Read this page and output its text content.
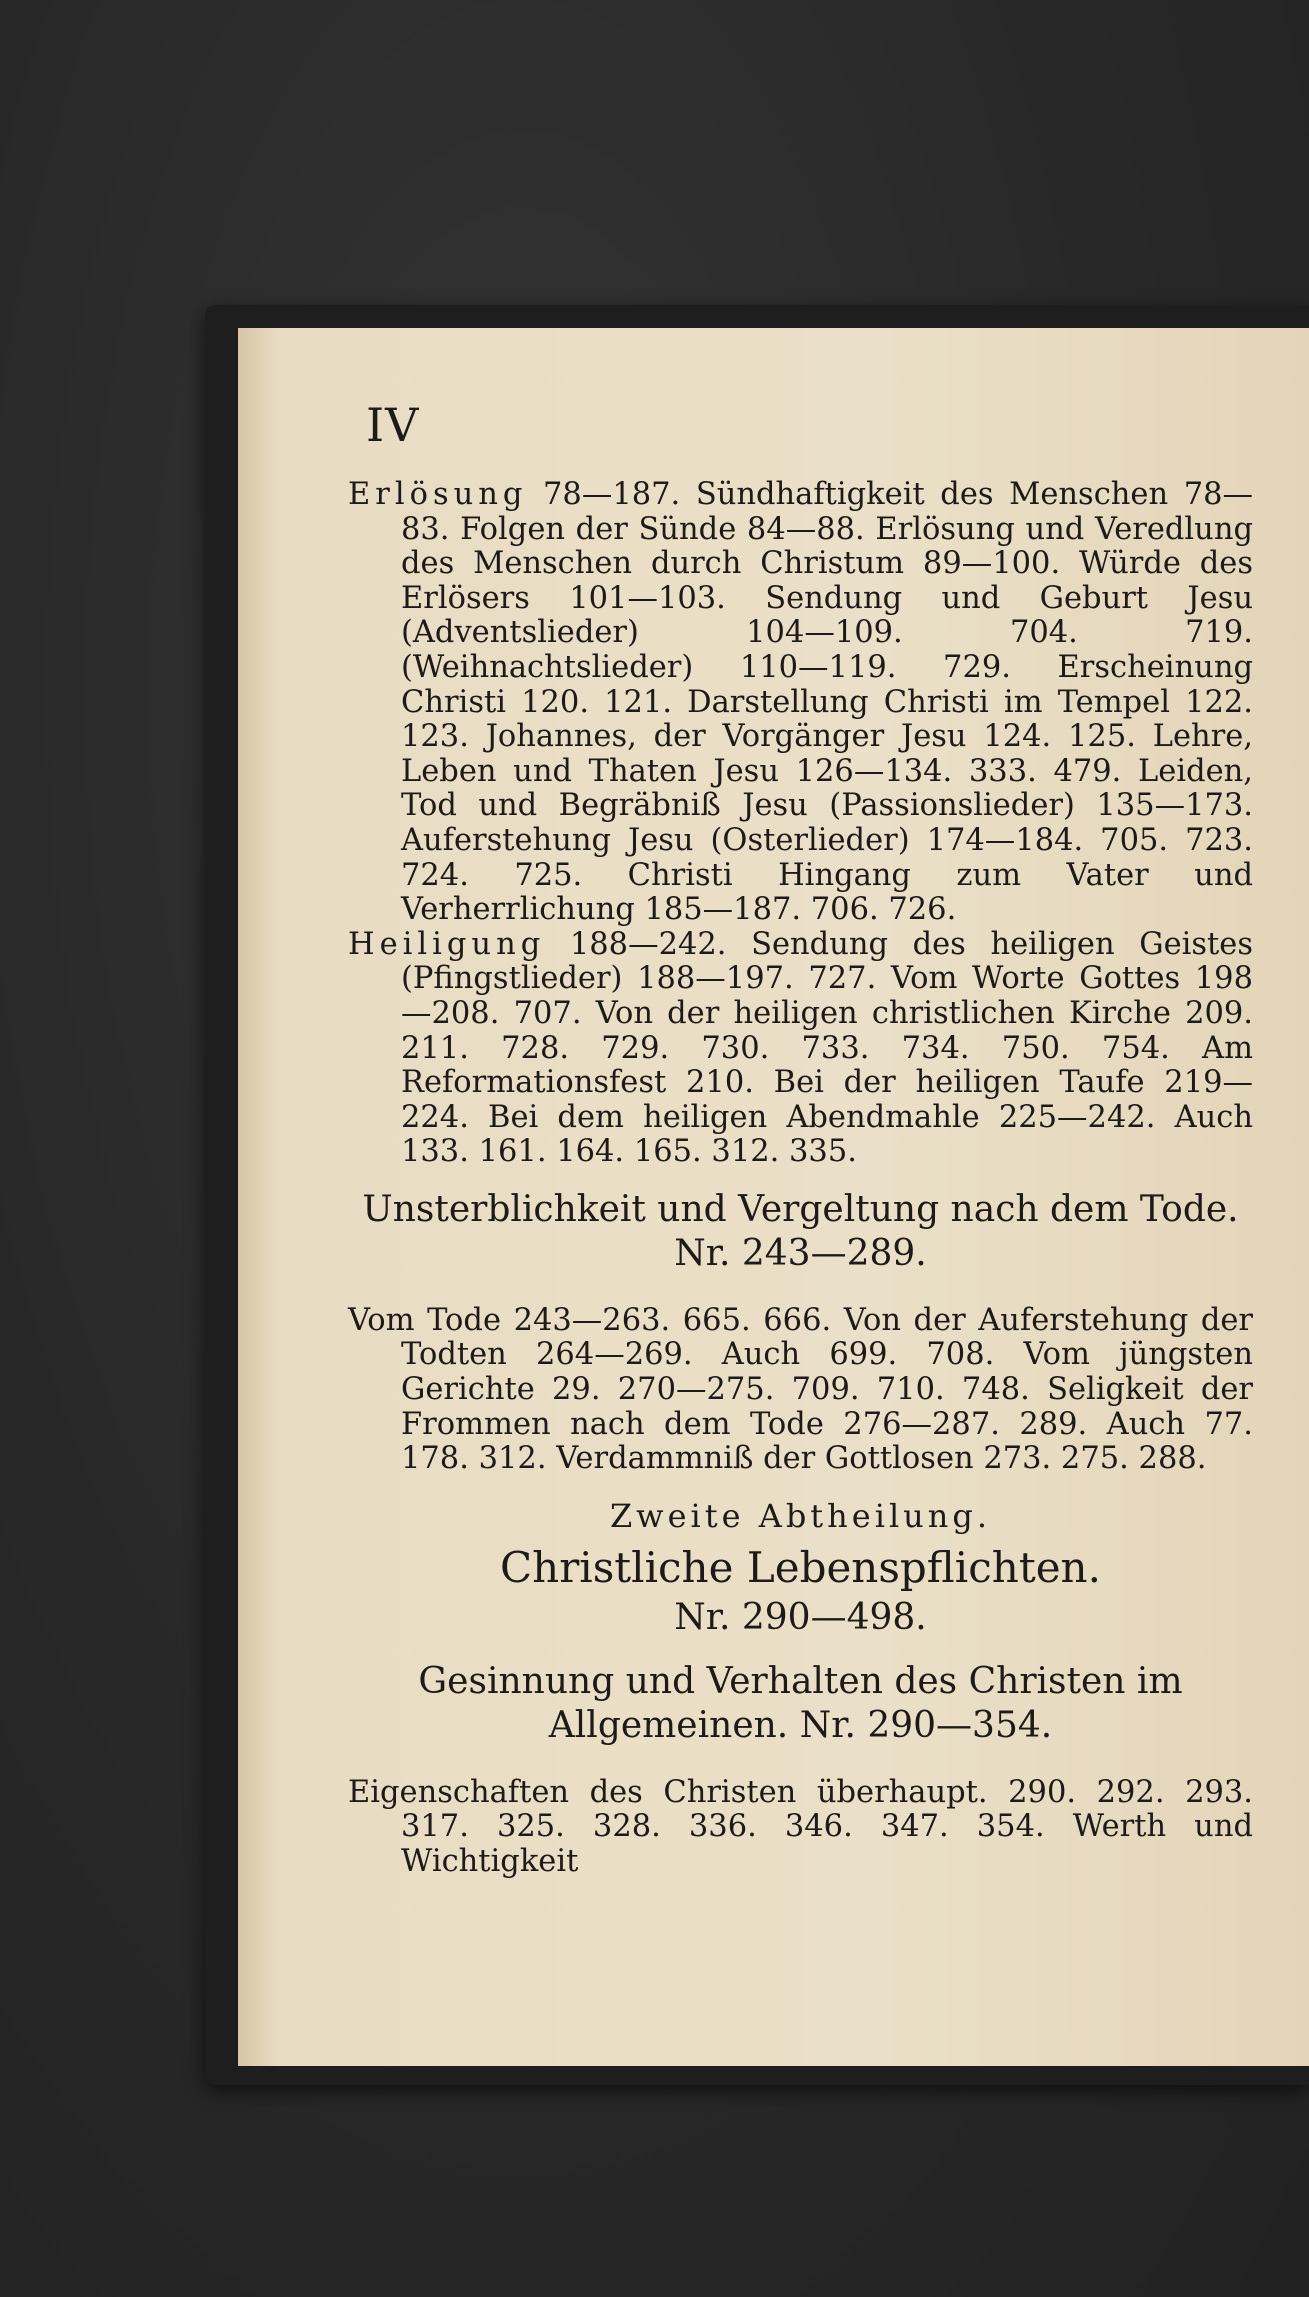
IV

Erlösung 78—187. Sündhaftigkeit des Menschen 78—83. Folgen der Sünde 84—88. Erlösung und Veredlung des Menschen durch Christum 89—100. Würde des Erlösers 101—103. Sendung und Geburt Jesu (Adventslieder) 104—109. 704. 719. (Weihnachtslieder) 110—119. 729. Erscheinung Christi 120. 121. Darstellung Christi im Tempel 122. 123. Johannes, der Vorgänger Jesu 124. 125. Lehre, Leben und Thaten Jesu 126—134. 333. 479. Leiden, Tod und Begräbniß Jesu (Passionslieder) 135—173. Auferstehung Jesu (Osterlieder) 174—184. 705. 723. 724. 725. Christi Hingang zum Vater und Verherrlichung 185—187. 706. 726.

Heiligung 188—242. Sendung des heiligen Geistes (Pfingstlieder) 188—197. 727. Vom Worte Gottes 198—208. 707. Von der heiligen christlichen Kirche 209. 211. 728. 729. 730. 733. 734. 750. 754. Am Reformationsfest 210. Bei der heiligen Taufe 219—224. Bei dem heiligen Abendmahle 225—242. Auch 133. 161. 164. 165. 312. 335.

Unsterblichkeit und Vergeltung nach dem Tode. Nr. 243—289.

Vom Tode 243—263. 665. 666. Von der Auferstehung der Todten 264—269. Auch 699. 708. Vom jüngsten Gerichte 29. 270—275. 709. 710. 748. Seligkeit der Frommen nach dem Tode 276—287. 289. Auch 77. 178. 312. Verdammniß der Gottlosen 273. 275. 288.

Zweite Abtheilung.
Christliche Lebenspflichten.
Nr. 290—498.
Gesinnung und Verhalten des Christen im Allgemeinen. Nr. 290—354.

Eigenschaften des Christen überhaupt. 290. 292. 293. 317. 325. 328. 336. 346. 347. 354. Werth und Wichtigkeit
